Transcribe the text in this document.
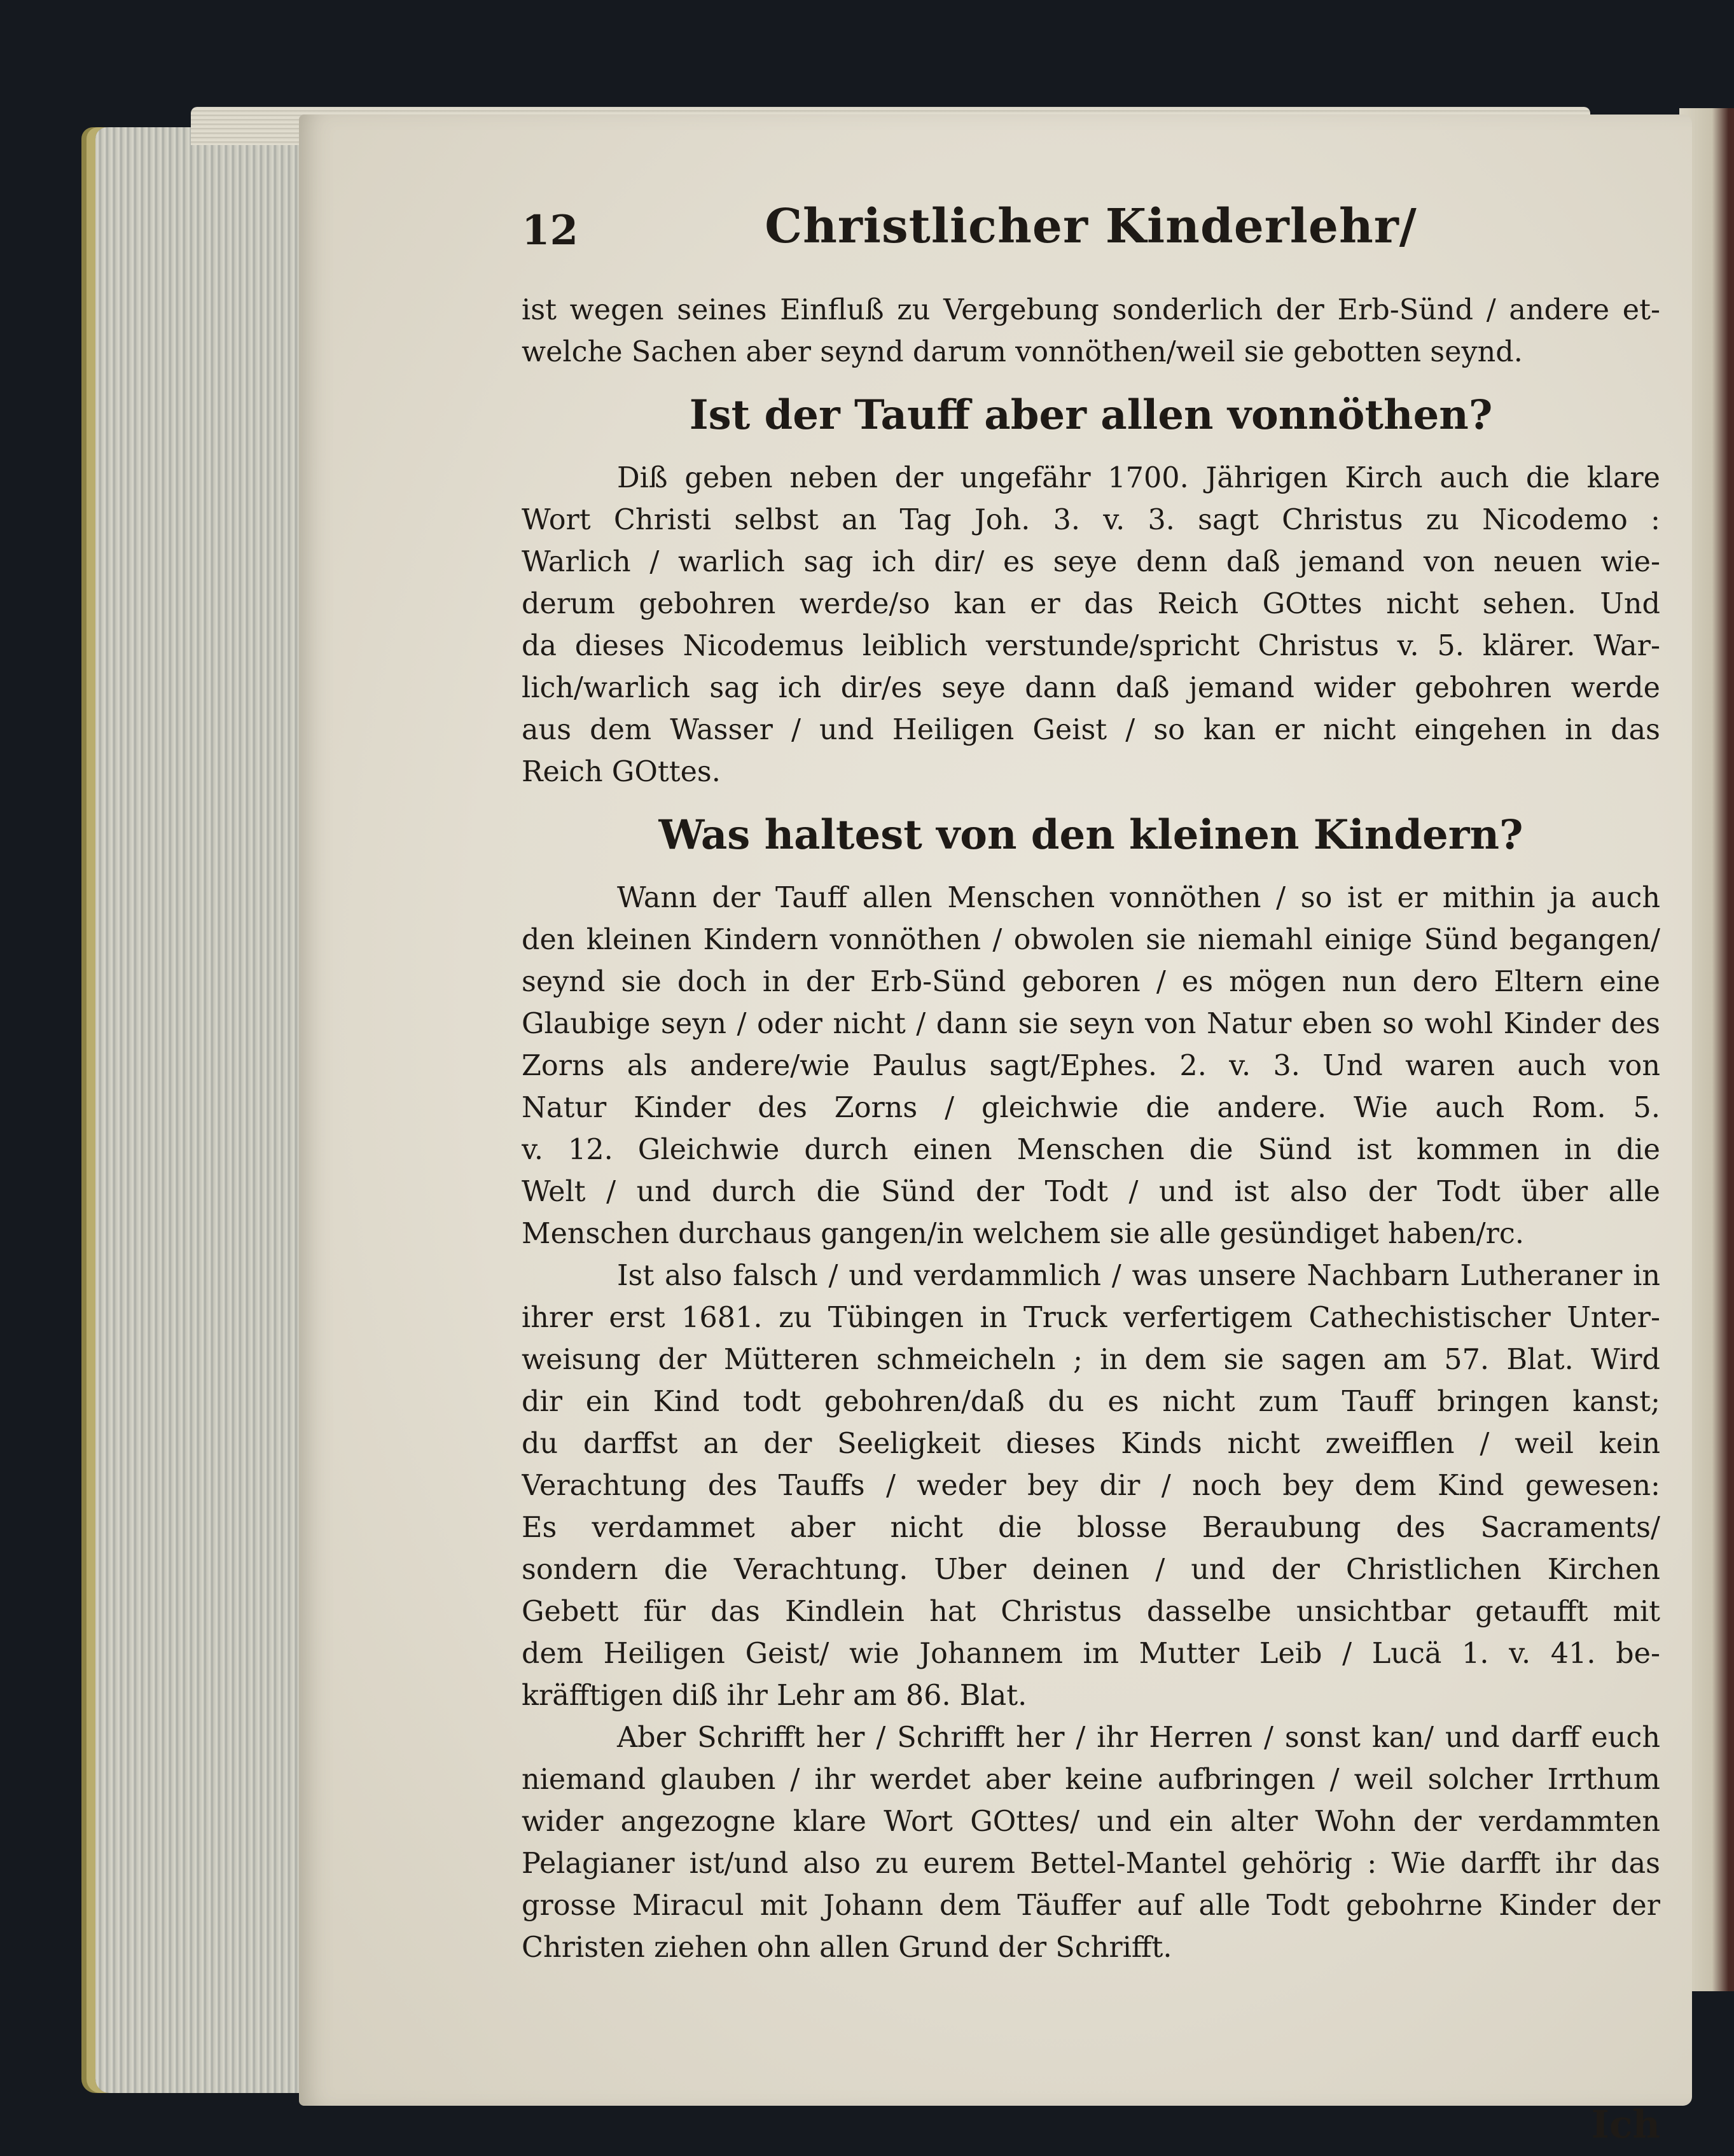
12	Christlicher Kinderlehr/
ist wegen seines Einfluß zu Vergebung sonderlich der Erb-Sünd / andere et-
welche Sachen aber seynd darum vonnöthen/weil sie gebotten seynd.
Ist der Tauff aber allen vonnöthen?
Diß geben neben der ungefähr 1700. Jährigen Kirch auch die klare
Wort Christi selbst an Tag Joh. 3. v. 3. sagt Christus zu Nicodemo :
Warlich / warlich sag ich dir/ es seye denn daß jemand von neuen wie-
derum gebohren werde/so kan er das Reich GOttes nicht sehen. Und
da dieses Nicodemus leiblich verstunde/spricht Christus v. 5. klärer. War-
lich/warlich sag ich dir/es seye dann daß jemand wider gebohren werde
aus dem Wasser / und Heiligen Geist / so kan er nicht eingehen in das
Reich GOttes.
Was haltest von den kleinen Kindern?
Wann der Tauff allen Menschen vonnöthen / so ist er mithin ja auch
den kleinen Kindern vonnöthen / obwolen sie niemahl einige Sünd begangen/
seynd sie doch in der Erb-Sünd geboren / es mögen nun dero Eltern eine
Glaubige seyn / oder nicht / dann sie seyn von Natur eben so wohl Kinder des
Zorns als andere/wie Paulus sagt/Ephes. 2. v. 3. Und waren auch von
Natur Kinder des Zorns / gleichwie die andere. Wie auch Rom. 5.
v. 12. Gleichwie durch einen Menschen die Sünd ist kommen in die
Welt / und durch die Sünd der Todt / und ist also der Todt über alle
Menschen durchaus gangen/in welchem sie alle gesündiget haben/rc.
Ist also falsch / und verdammlich / was unsere Nachbarn Lutheraner in
ihrer erst 1681. zu Tübingen in Truck verfertigem Cathechistischer Unter-
weisung der Mütteren schmeicheln ; in dem sie sagen am 57. Blat. Wird
dir ein Kind todt gebohren/daß du es nicht zum Tauff bringen kanst;
du darffst an der Seeligkeit dieses Kinds nicht zweifflen / weil kein
Verachtung des Tauffs / weder bey dir / noch bey dem Kind gewesen:
Es verdammet aber nicht die blosse Beraubung des Sacraments/
sondern die Verachtung. Uber deinen / und der Christlichen Kirchen
Gebett für das Kindlein hat Christus dasselbe unsichtbar getaufft mit
dem Heiligen Geist/ wie Johannem im Mutter Leib / Lucä 1. v. 41. be-
kräfftigen diß ihr Lehr am 86. Blat.
Aber Schrifft her / Schrifft her / ihr Herren / sonst kan/ und darff euch
niemand glauben / ihr werdet aber keine aufbringen / weil solcher Irrthum
wider angezogne klare Wort GOttes/ und ein alter Wohn der verdammten
Pelagianer ist/und also zu eurem Bettel-Mantel gehörig : Wie darfft ihr das
grosse Miracul mit Johann dem Täuffer auf alle Todt gebohrne Kinder der
Christen ziehen ohn allen Grund der Schrifft.
Ich
